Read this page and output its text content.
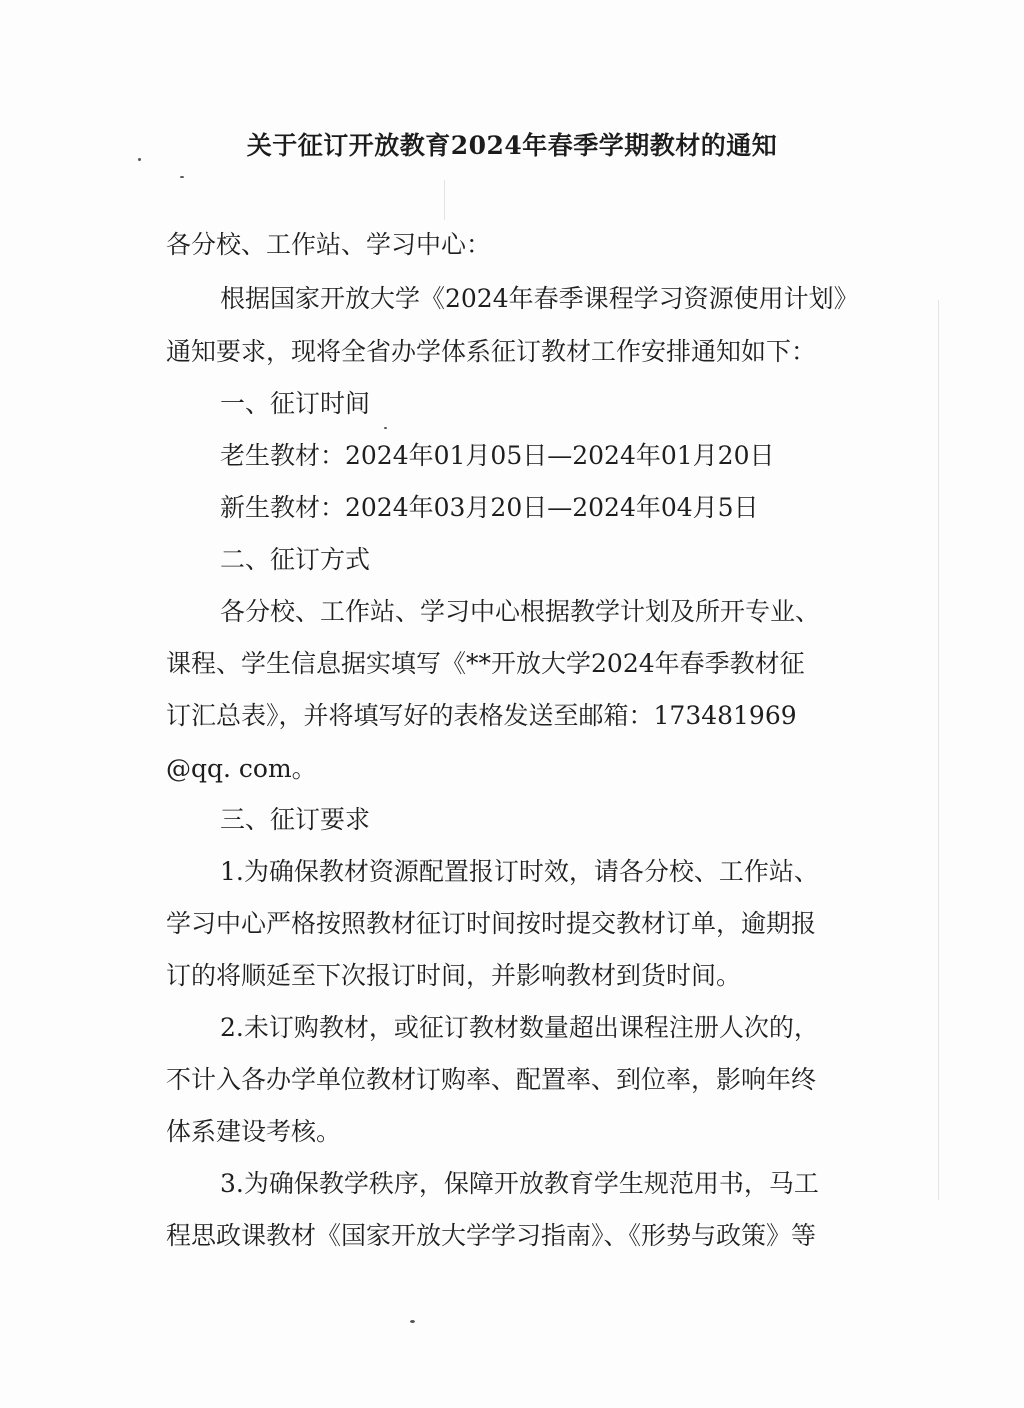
关于征订开放教育2024年春季学期教材的通知
各分校、工作站、学习中心：
根据国家开放大学《2024年春季课程学习资源使用计划》
通知要求，现将全省办学体系征订教材工作安排通知如下：
一、征订时间
老生教材：2024年01月05日—2024年01月20日
新生教材：2024年03月20日—2024年04月5日
二、征订方式
各分校、工作站、学习中心根据教学计划及所开专业、
课程、学生信息据实填写《**开放大学2024年春季教材征
订汇总表》，并将填写好的表格发送至邮箱：173481969
@qq. com。
三、征订要求
1.为确保教材资源配置报订时效，请各分校、工作站、
学习中心严格按照教材征订时间按时提交教材订单，逾期报
订的将顺延至下次报订时间，并影响教材到货时间。
2.未订购教材，或征订教材数量超出课程注册人次的，
不计入各办学单位教材订购率、配置率、到位率，影响年终
体系建设考核。
3.为确保教学秩序，保障开放教育学生规范用书，马工
程思政课教材《国家开放大学学习指南》、《形势与政策》等
